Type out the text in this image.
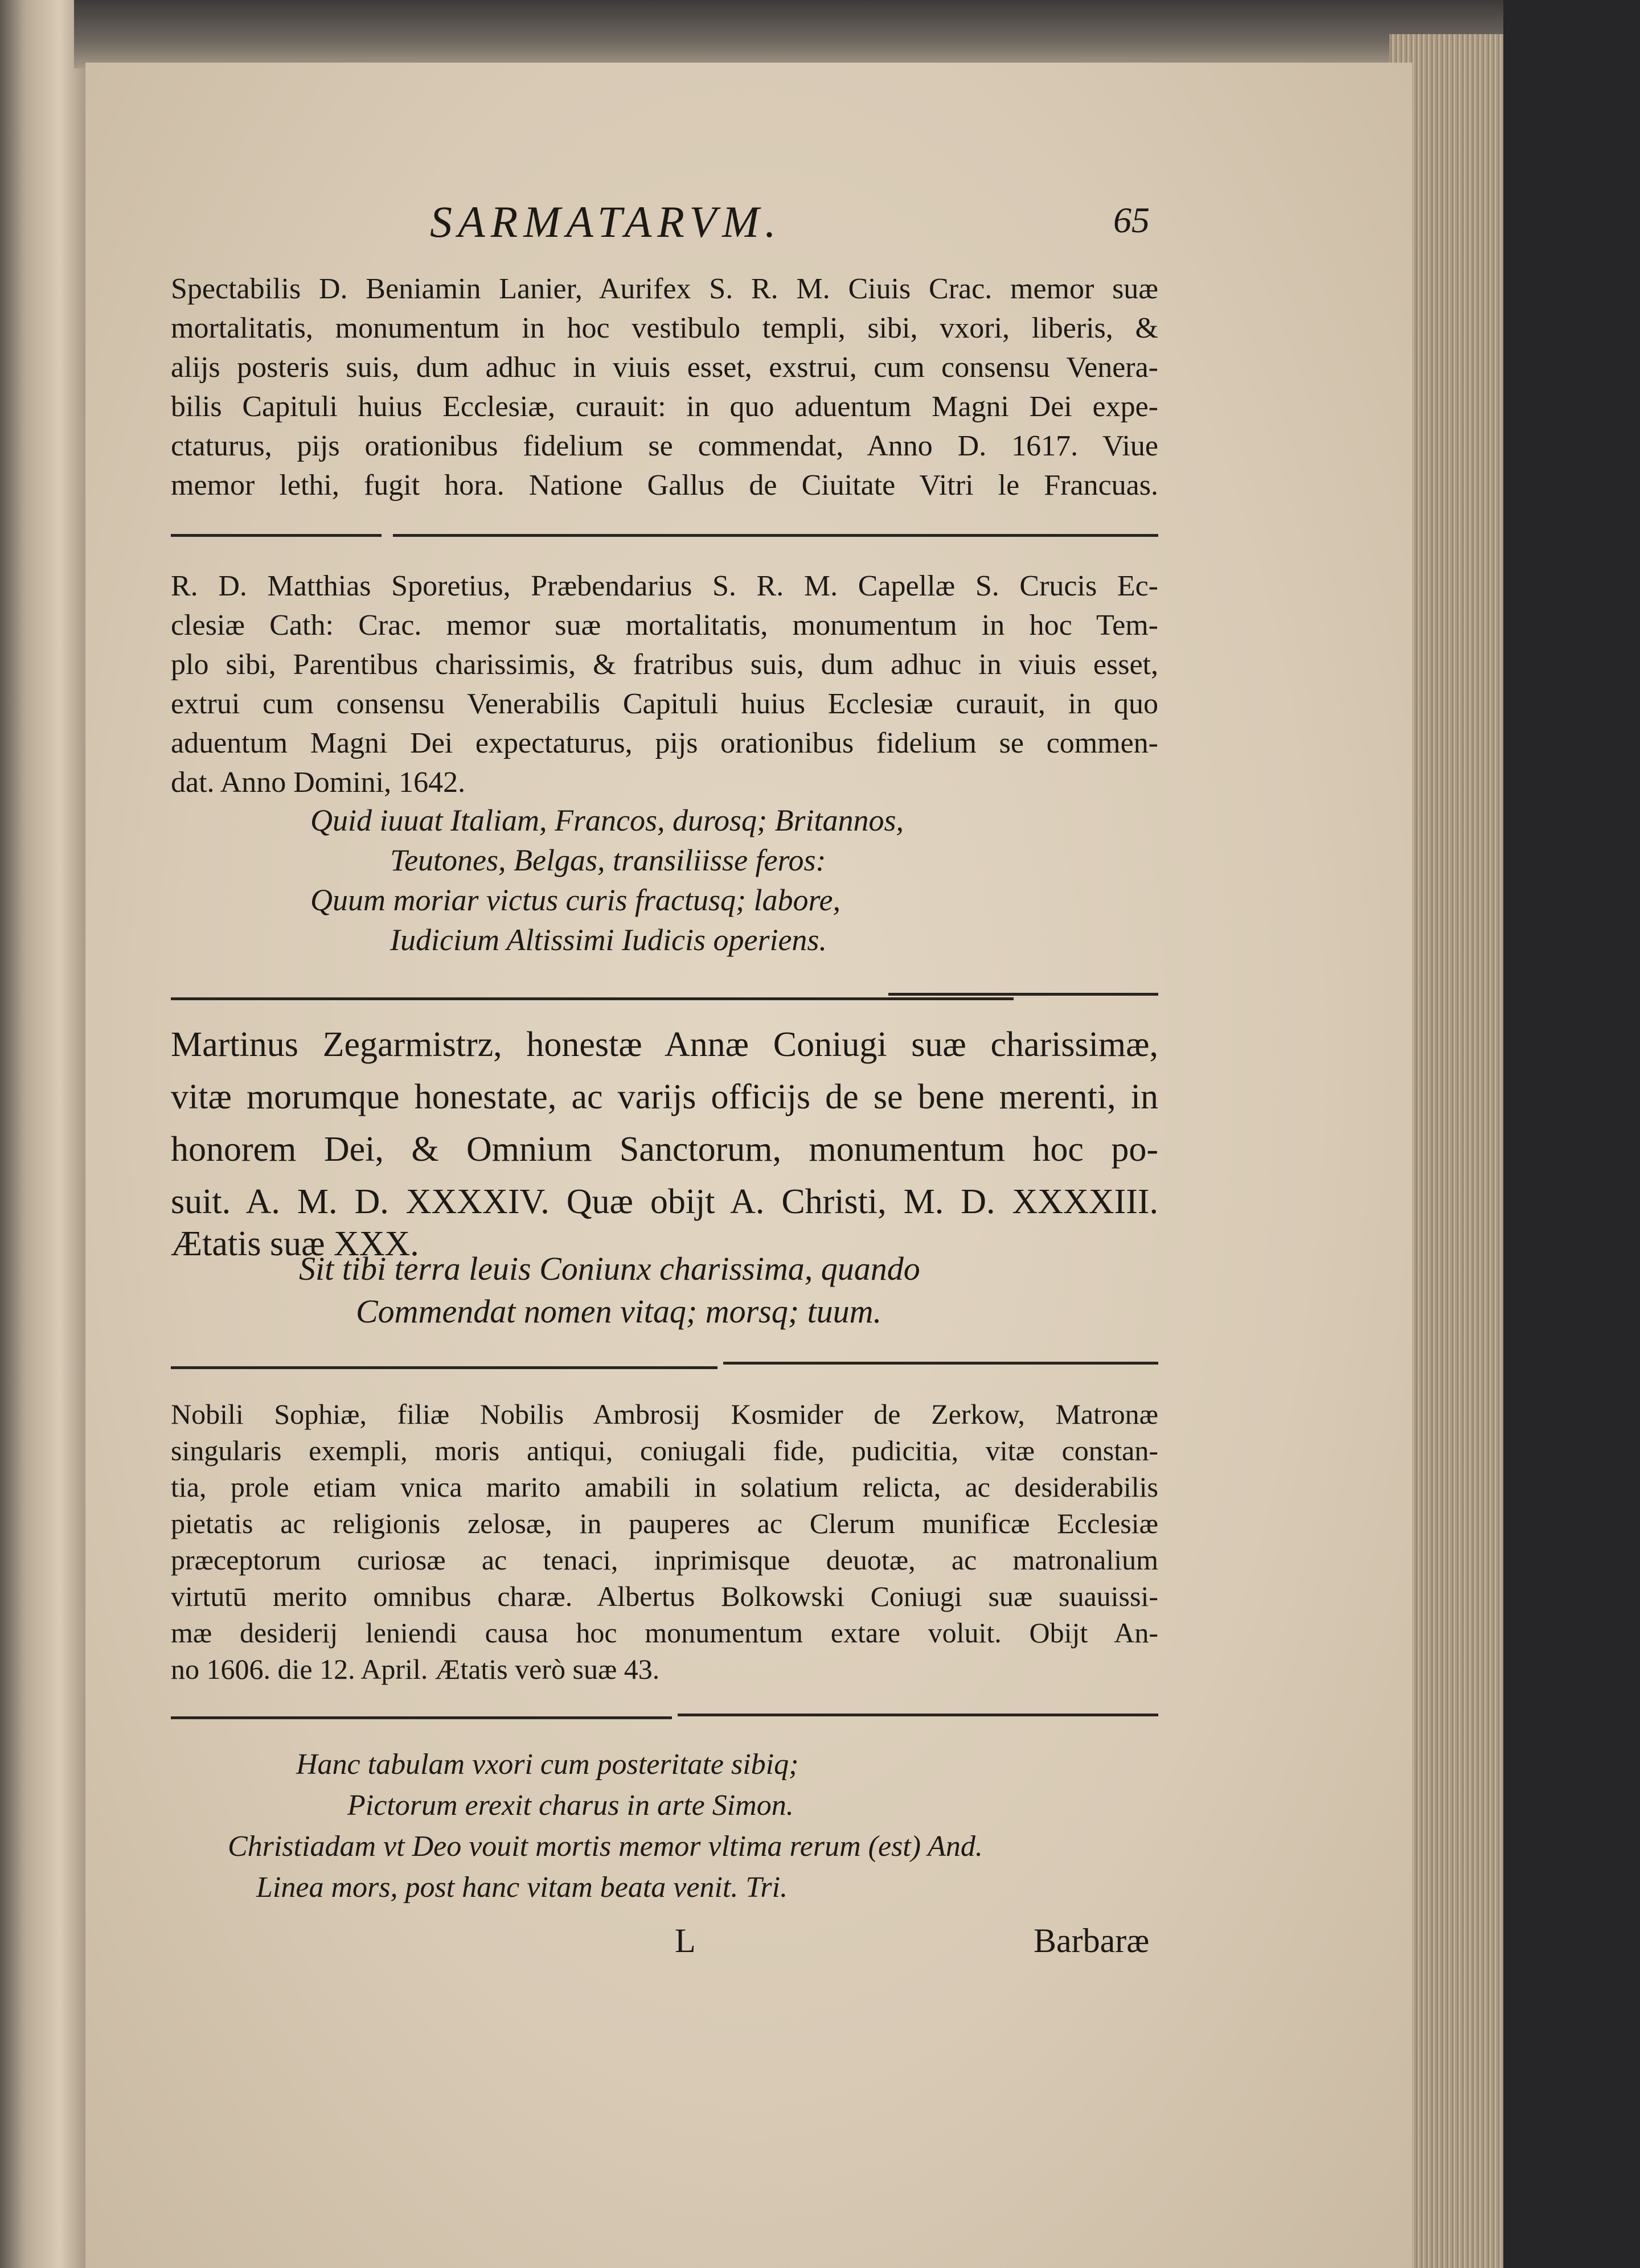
SARMATARVM.	65
Spectabilis D. Beniamin Lanier, Aurifex S. R. M. Ciuis Crac. memor suæ
mortalitatis, monumentum in hoc vestibulo templi, sibi, vxori, liberis, &
alijs posteris suis, dum adhuc in viuis esset, exstrui, cum consensu Venera-
bilis Capituli huius Ecclesiæ, curauit: in quo aduentum Magni Dei expe-
ctaturus, pijs orationibus fidelium se commendat, Anno D. 1617. Viue
memor lethi, fugit hora. Natione Gallus de Ciuitate Vitri le Francuas.
R. D. Matthias Sporetius, Præbendarius S. R. M. Capellæ S. Crucis Ec-
clesiæ Cath: Crac. memor suæ mortalitatis, monumentum in hoc Tem-
plo sibi, Parentibus charissimis, & fratribus suis, dum adhuc in viuis esset,
extrui cum consensu Venerabilis Capituli huius Ecclesiæ curauit, in quo
aduentum Magni Dei expectaturus, pijs orationibus fidelium se commen-
dat. Anno Domini, 1642.
Quid iuuat Italiam, Francos, durosq; Britannos,
Teutones, Belgas, transiliisse feros:
Quum moriar victus curis fractusq; labore,
Iudicium Altissimi Iudicis operiens.
Martinus Zegarmistrz, honestæ Annæ Coniugi suæ charissimæ,
vitæ morumque honestate, ac varijs officijs de se bene merenti, in
honorem Dei, & Omnium Sanctorum, monumentum hoc po-
suit. A. M. D. XXXXIV. Quæ obijt A. Christi, M. D. XXXXIII.
Ætatis suæ XXX.
Sit tibi terra leuis Coniunx charissima, quando
Commendat nomen vitaq; morsq; tuum.
Nobili Sophiæ, filiæ Nobilis Ambrosij Kosmider de Zerkow, Matronæ
singularis exempli, moris antiqui, coniugali fide, pudicitia, vitæ constan-
tia, prole etiam vnica marito amabili in solatium relicta, ac desiderabilis
pietatis ac religionis zelosæ, in pauperes ac Clerum munificæ Ecclesiæ
præceptorum curiosæ ac tenaci, inprimisque deuotæ, ac matronalium
virtutū merito omnibus charæ. Albertus Bolkowski Coniugi suæ suauissi-
mæ desiderij leniendi causa hoc monumentum extare voluit. Obijt An-
no 1606. die 12. April. Ætatis verò suæ 43.
Hanc tabulam vxori cum posteritate sibiq;
Pictorum erexit charus in arte Simon.
Christiadam vt Deo vouit mortis memor vltima rerum (est) And.
Linea mors, post hanc vitam beata venit. Tri.
L	Barbaræ
